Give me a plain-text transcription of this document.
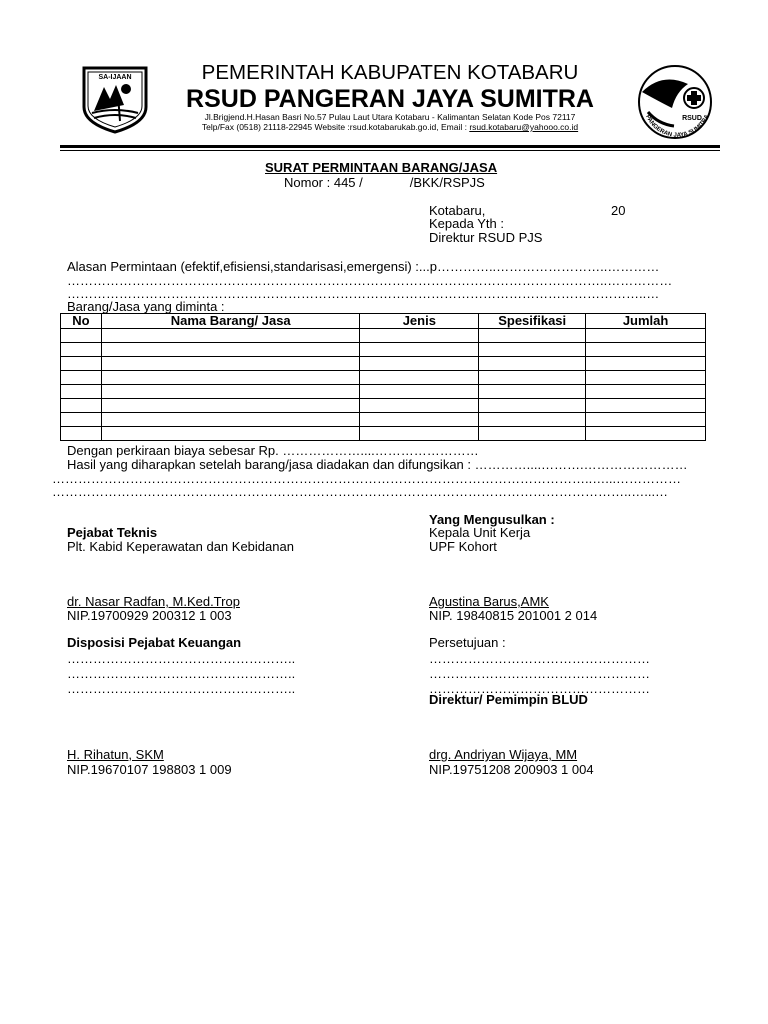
SA-IJAAN
RSUD
PANGERAN JAYA SUMITRA
PEMERINTAH KABUPATEN KOTABARU
RSUD PANGERAN JAYA SUMITRA
Jl.Brigjend.H.Hasan Basri No.57 Pulau Laut Utara Kotabaru - Kalimantan Selatan Kode Pos 72117
Telp/Fax (0518) 21118-22945 Website :rsud.kotabarukab.go.id, Email : rsud.kotabaru@yahooo.co.id
SURAT PERMINTAAN BARANG/JASA
Nomor : 445 /             /BKK/RSPJS
Kotabaru,	20
Kepada Yth :
Direktur RSUD PJS
Alasan Permintaan (efektif,efisiensi,standarisasi,emergensi) :...p…………..……………………..…………
……………………………………………………………………………………………………………..……………
……………………………………………………………………………………………………………………..…
Barang/Jasa yang diminta :
No	Nama Barang/ Jasa	Jenis	Spesifikasi	Jumlah

Dengan perkiraan biaya sebesar Rp. ………………....……………………
Hasil yang diharapkan setelah barang/jasa diadakan dan difungsikan : …………....……….……………………
……………………………………………………………………………………………………………..…...……………
……………………………………………………………………………………………………………………..…...…
Yang Mengusulkan :
Pejabat Teknis	Kepala Unit Kerja
Plt. Kabid Keperawatan dan Kebidanan	UPF Kohort
dr. Nasar Radfan, M.Ked.Trop
NIP.19700929 200312 1 003
Agustina Barus,AMK
NIP. 19840815 201001 2 014
Disposisi Pejabat Keuangan	Persetujuan :
……………………………………………..
……………………………………………..
……………………………………………..
……………………………………………
……………………………………………
……………………………………………
Direktur/ Pemimpin BLUD
H. Rihatun, SKM
NIP.19670107 198803 1 009
drg. Andriyan Wijaya, MM
NIP.19751208 200903 1 004
